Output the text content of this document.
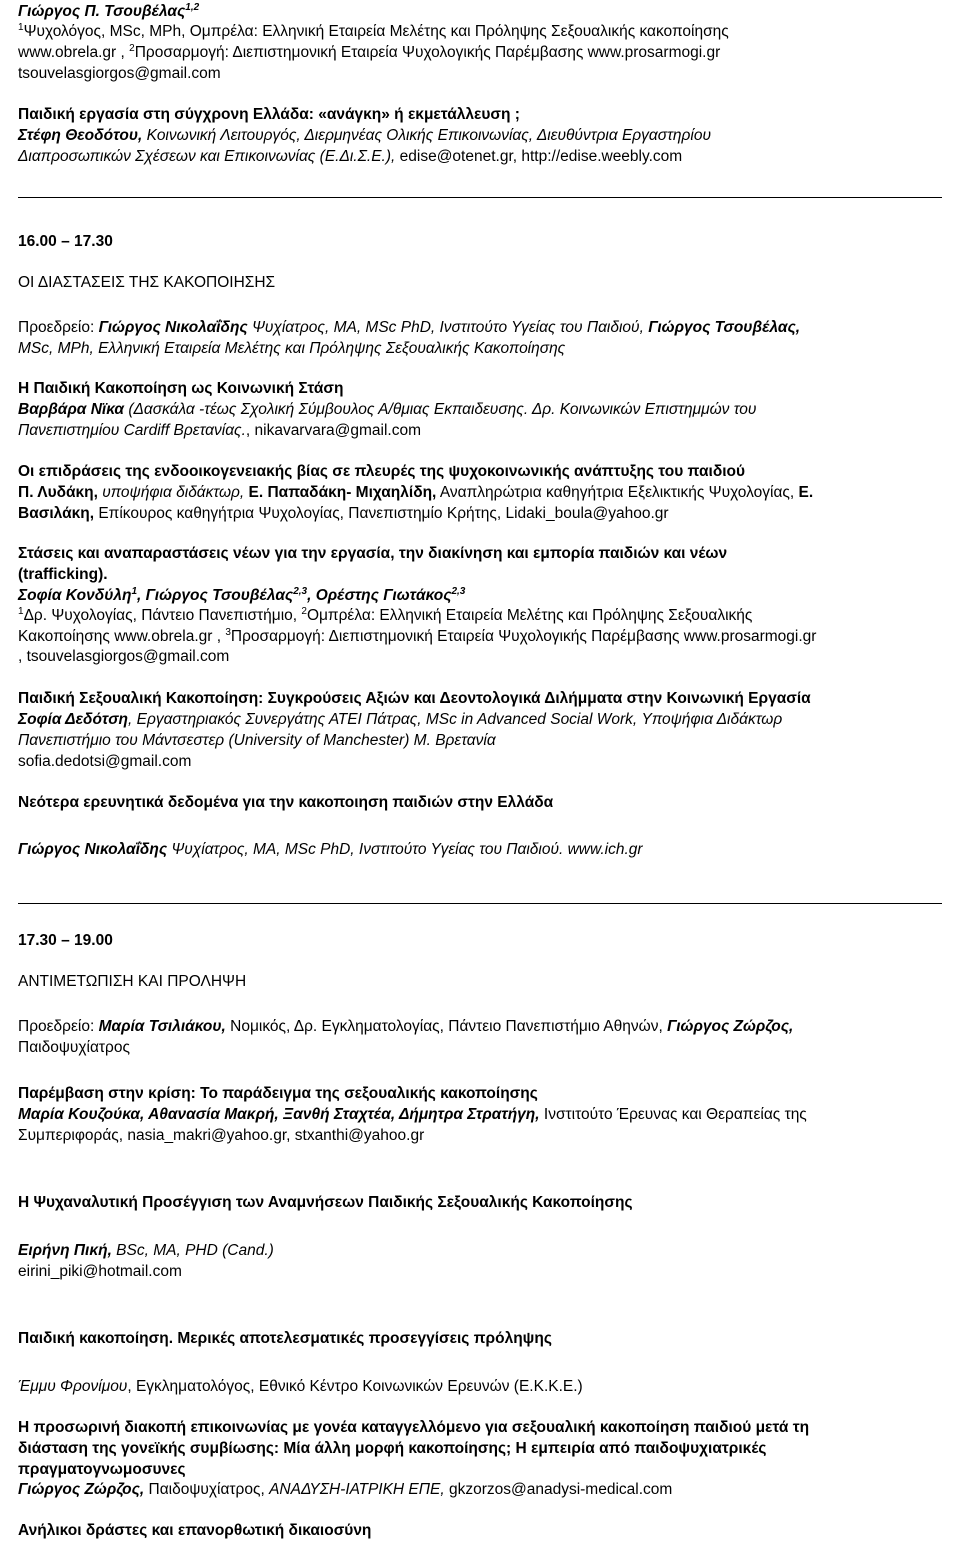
Γιώργος Π. Τσουβέλας$^{1,2}$
$^1$Ψυχολόγος, MSc, MPh, Ομπρέλα: Ελληνική Εταιρεία Μελέτης και Πρόληψης Σεξουαλικής κακοποίησης
www.obrela.gr , $^2$Προσαρμογή: Διεπιστημονική Εταιρεία Ψυχολογικής Παρέμβασης www.prosarmogi.gr
tsouvelasgiorgos@gmail.com
Παιδική εργασία στη σύγχρονη Ελλάδα: «ανάγκη» ή εκμετάλλευση ;
Στέφη Θεοδότου, Κοινωνική Λειτουργός, Διερμηνέας Ολικής Επικοινωνίας, Διευθύντρια Εργαστηρίου
Διαπροσωπικών Σχέσεων και Επικοινωνίας (Ε.Δι.Σ.Ε.), edise@otenet.gr, http://edise.weebly.com
16.00 – 17.30
ΟΙ ΔΙΑΣΤΑΣΕΙΣ ΤΗΣ ΚΑΚΟΠΟΙΗΣΗΣ
Προεδρείο: Γιώργος Νικολαΐδης Ψυχίατρος, MA, MSc PhD, Ινστιτούτο Υγείας του Παιδιού, Γιώργος Τσουβέλας,
MSc, MPh, Ελληνική Εταιρεία Μελέτης και Πρόληψης Σεξουαλικής Κακοποίησης
Η Παιδική Κακοποίηση ως Κοινωνική Στάση
Βαρβάρα Νϊκα (Δασκάλα -τέως Σχολική Σύμβουλος Α/θμιας Εκπαιδευσης. Δρ. Κοινωνικών Επιστημμών του
Πανεπιστημίου Cardiff Βρετανίας., nikavarvara@gmail.com
Οι επιδράσεις της ενδοοικογενειακής βίας σε πλευρές της ψυχοκοινωνικής ανάπτυξης του παιδιού
Π. Λυδάκη, υποψήφια διδάκτωρ, Ε. Παπαδάκη- Μιχαηλίδη, Αναπληρώτρια καθηγήτρια Εξελικτικής Ψυχολογίας, Ε.
Βασιλάκη, Επίκουρος καθηγήτρια Ψυχολογίας, Πανεπιστημίο Κρήτης, Lidaki_boula@yahoo.gr
Στάσεις και αναπαραστάσεις νέων για την εργασία, την διακίνηση και εμπορία παιδιών και νέων
(trafficking).
Σοφία Κονδύλη$^1$, Γιώργος Τσουβέλας$^{2,3}$, Ορέστης Γιωτάκος$^{2,3}$
$^1$Δρ. Ψυχολογίας, Πάντειο Πανεπιστήμιο, $^2$Ομπρέλα: Ελληνική Εταιρεία Μελέτης και Πρόληψης Σεξουαλικής
Κακοποίησης www.obrela.gr , $^3$Προσαρμογή: Διεπιστημονική Εταιρεία Ψυχολογικής Παρέμβασης www.prosarmogi.gr
, tsouvelasgiorgos@gmail.com
Παιδική Σεξουαλική Κακοποίηση: Συγκρούσεις Αξιών και Δεοντολογικά Διλήμματα στην Κοινωνική Εργασία
Σοφία Δεδότση, Εργαστηριακός Συνεργάτης ΑΤΕΙ Πάτρας, MSc in Advanced Social Work, Υποψήφια Διδάκτωρ
Πανεπιστήμιο του Μάντσεστερ (University of Manchester) Μ. Βρετανία
sofia.dedotsi@gmail.com
Νεότερα ερευνητικά δεδομένα για την κακοποιηση παιδιών στην Ελλάδα
Γιώργος Νικολαΐδης Ψυχίατρος, MA, MSc PhD, Ινστιτούτο Υγείας του Παιδιού. www.ich.gr
17.30 – 19.00
ΑΝΤΙΜΕΤΩΠΙΣΗ ΚΑΙ ΠΡΟΛΗΨΗ
Προεδρείο: Μαρία Τσιλιάκου, Νομικός, Δρ. Εγκληματολογίας, Πάντειο Πανεπιστήμιο Αθηνών, Γιώργος Ζώρζος,
Παιδοψυχίατρος
Παρέμβαση στην κρίση: Το παράδειγμα της σεξουαλικής κακοποίησης
Μαρία Κουζούκα, Αθανασία Μακρή, Ξανθή Σταχτέα, Δήμητρα Στρατήγη, Ινστιτούτο Έρευνας και Θεραπείας της
Συμπεριφοράς, nasia_makri@yahoo.gr, stxanthi@yahoo.gr
Η Ψυχαναλυτική Προσέγγιση των Αναμνήσεων Παιδικής Σεξουαλικής Κακοποίησης
Ειρήνη Πική, BSc, MA, PHD (Cand.)
eirini_piki@hotmail.com
Παιδική κακοποίηση. Μερικές αποτελεσματικές προσεγγίσεις πρόληψης
Έμμυ Φρονίμου, Εγκληματολόγος, Εθνικό Κέντρο Κοινωνικών Ερευνών (Ε.Κ.Κ.Ε.)
Η προσωρινή διακοπή επικοινωνίας με γονέα καταγγελλόμενο για σεξουαλική κακοποίηση παιδιού μετά τη
διάσταση της γονεϊκής συμβίωσης: Μία άλλη μορφή κακοποίησης; Η εμπειρία από παιδοψυχιατρικές
πραγματογνωμοσυνες
Γιώργος Ζώρζος, Παιδοψυχίατρος, ΑΝΑΔΥΣΗ-ΙΑΤΡΙΚΗ ΕΠΕ, gkzorzos@anadysi-medical.com
Ανήλικοι δράστες και επανορθωτική δικαιοσύνη
